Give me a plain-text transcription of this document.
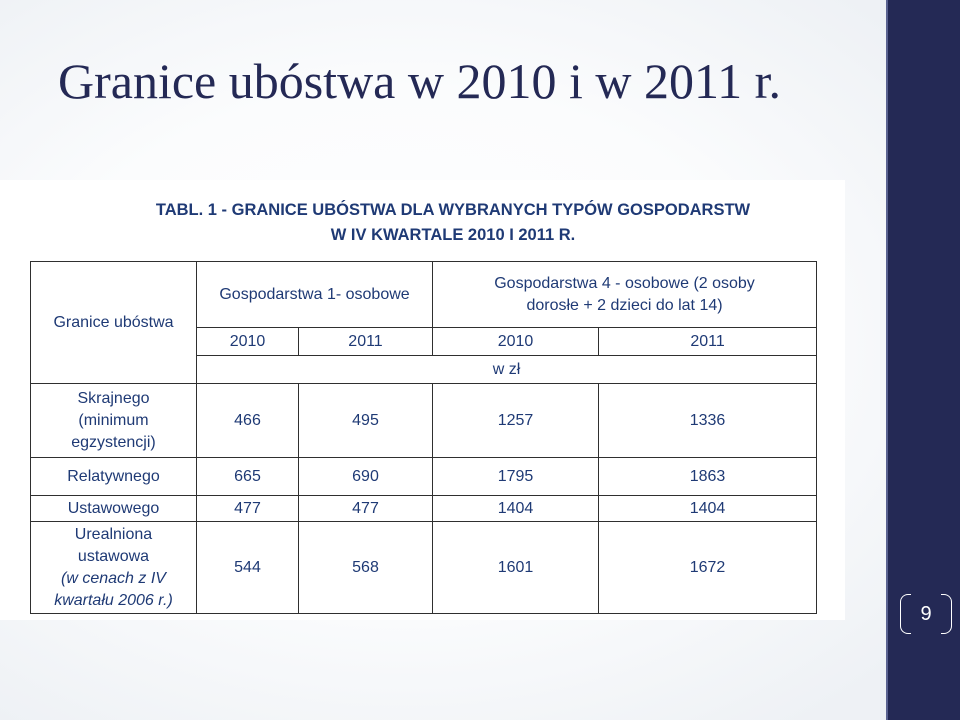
Granice ubóstwa w 2010 i w 2011 r.
TABL. 1 - GRANICE UBÓSTWA DLA WYBRANYCH TYPÓW GOSPODARSTW
W IV KWARTALE 2010 I 2011 R.
Granice ubóstwa	Gospodarstwa 1- osobowe		Gospodarstwa 4 - osobowe (2 osoby
dorosłe + 2 dzieci do lat 14)	

	2010	2011	2010	2011
	w zł			

Skrajnego
(minimum
egzystencji)	466	495	1257	1336

Relatywnego	665	690	1795	1863

Ustawowego	477	477	1404	1404

Urealniona
ustawowa
(w cenach z IV
kwartału 2006 r.)	544	568	1601	1672
9
